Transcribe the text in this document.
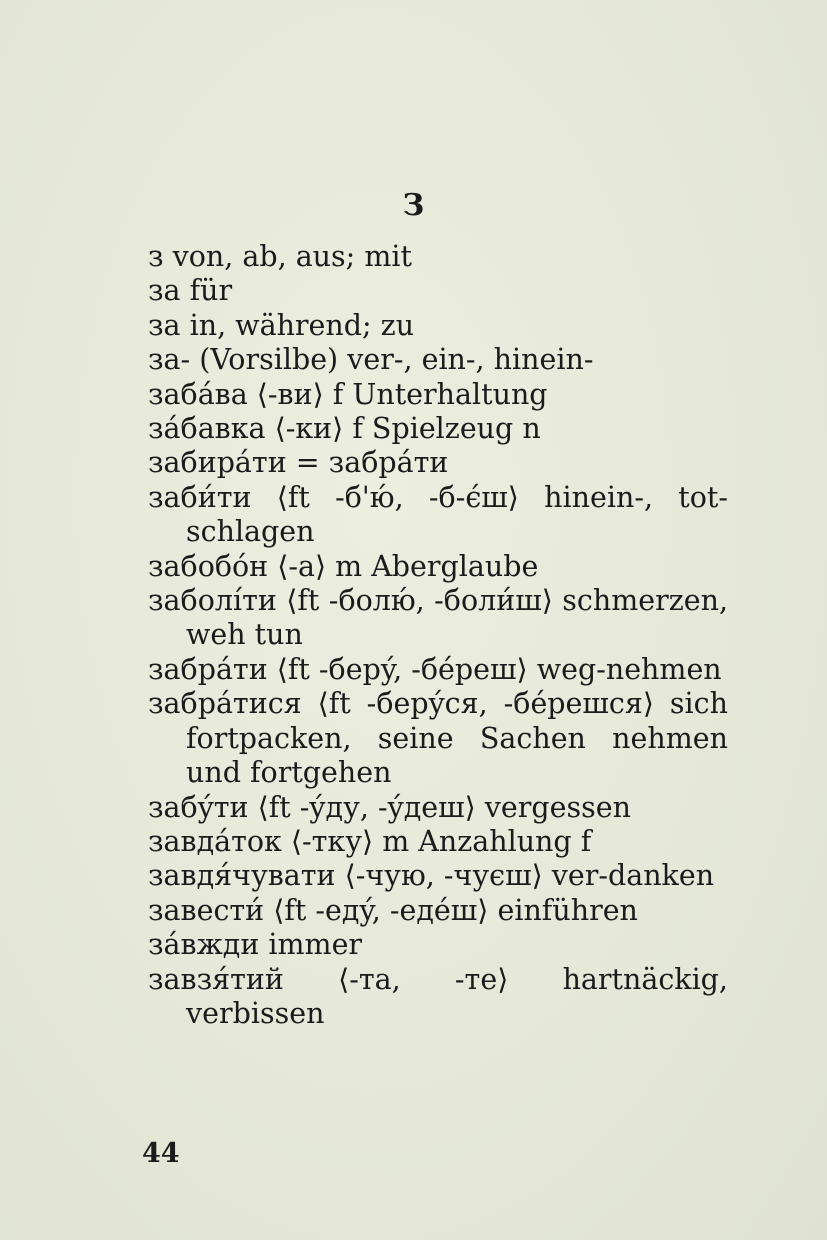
З
з von, ab, aus; mit
за für
за in, während; zu
за- (Vorsilbe) ver-, ein-, hinein-
забáва ⟨-ви⟩ f Unterhaltung
зáбавка ⟨-ки⟩ f Spielzeug n
забирáти = забрáти
заби́ти ⟨ft -б'ю́, -б-є́ш⟩ hinein-, tot-schlagen
забобóн ⟨-а⟩ m Aberglaube
заболíти ⟨ft -болю́, -боли́ш⟩ schmerzen, weh tun
забрáти ⟨ft -берý, -бéреш⟩ weg-nehmen
забрáтися ⟨ft -берýся, -бéрешся⟩ sich fortpacken, seine Sachen nehmen und fortgehen
забýти ⟨ft -ýду, -ýдеш⟩ vergessen
завдáток ⟨-тку⟩ m Anzahlung f
завдя́чувати ⟨-чую, -чуєш⟩ ver-danken
завести́ ⟨ft -едý, -едéш⟩ einführen
зáвжди immer
завзя́тий ⟨-та, -те⟩ hartnäckig, verbissen
44
